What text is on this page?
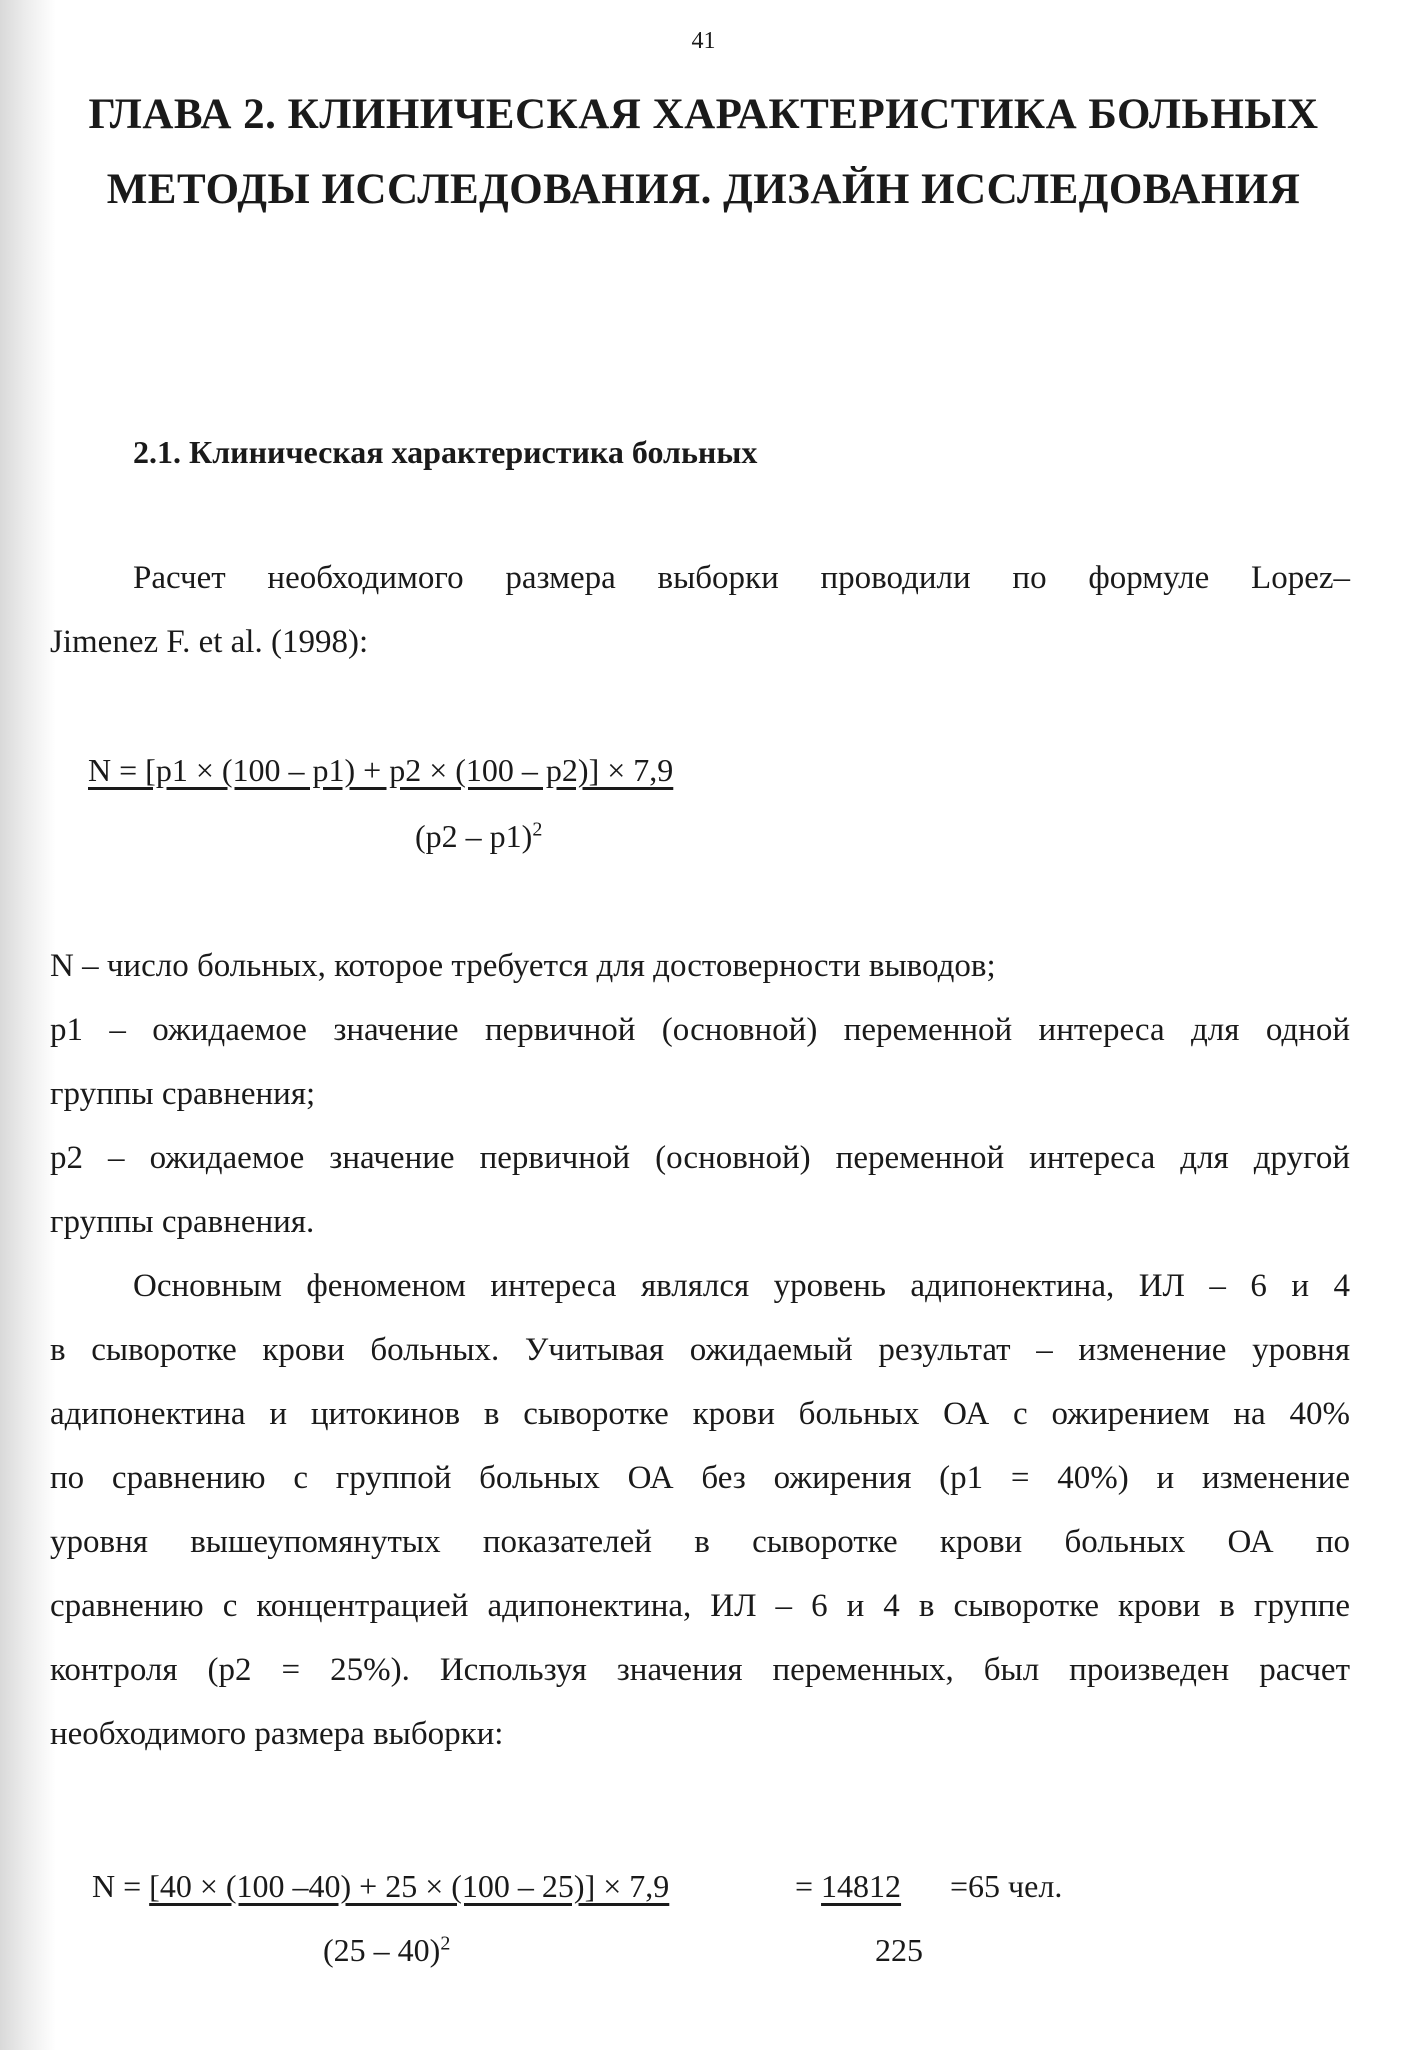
41
ГЛАВА 2. КЛИНИЧЕСКАЯ ХАРАКТЕРИСТИКА БОЛЬНЫХ
МЕТОДЫ ИССЛЕДОВАНИЯ. ДИЗАЙН ИССЛЕДОВАНИЯ
2.1. Клиническая характеристика больных
Расчет необходимого размера выборки проводили по формуле Lopez–
Jimenez F. et al. (1998):
N = [p1 × (100 – p1) + p2 × (100 – p2)] × 7,9
(p2 – p1)$^2$
N – число больных, которое требуется для достоверности выводов;
p1 – ожидаемое значение первичной (основной) переменной интереса для одной
группы сравнения;
p2 – ожидаемое значение первичной (основной) переменной интереса для другой
группы сравнения.
Основным феноменом интереса являлся уровень адипонектина, ИЛ – 6 и 4
в сыворотке крови больных. Учитывая ожидаемый результат – изменение уровня
адипонектина и цитокинов в сыворотке крови больных ОА с ожирением на 40%
по сравнению с группой больных ОА без ожирения (p1 = 40%) и изменение
уровня вышеупомянутых показателей в сыворотке крови больных ОА по
сравнению с концентрацией адипонектина, ИЛ – 6 и 4 в сыворотке крови в группе
контроля (p2 = 25%). Используя значения переменных, был произведен расчет
необходимого размера выборки:
N = [40 × (100 –40) + 25 × (100 – 25)] × 7,9	= 14812 =65 чел.
(25 – 40)$^2$	225
